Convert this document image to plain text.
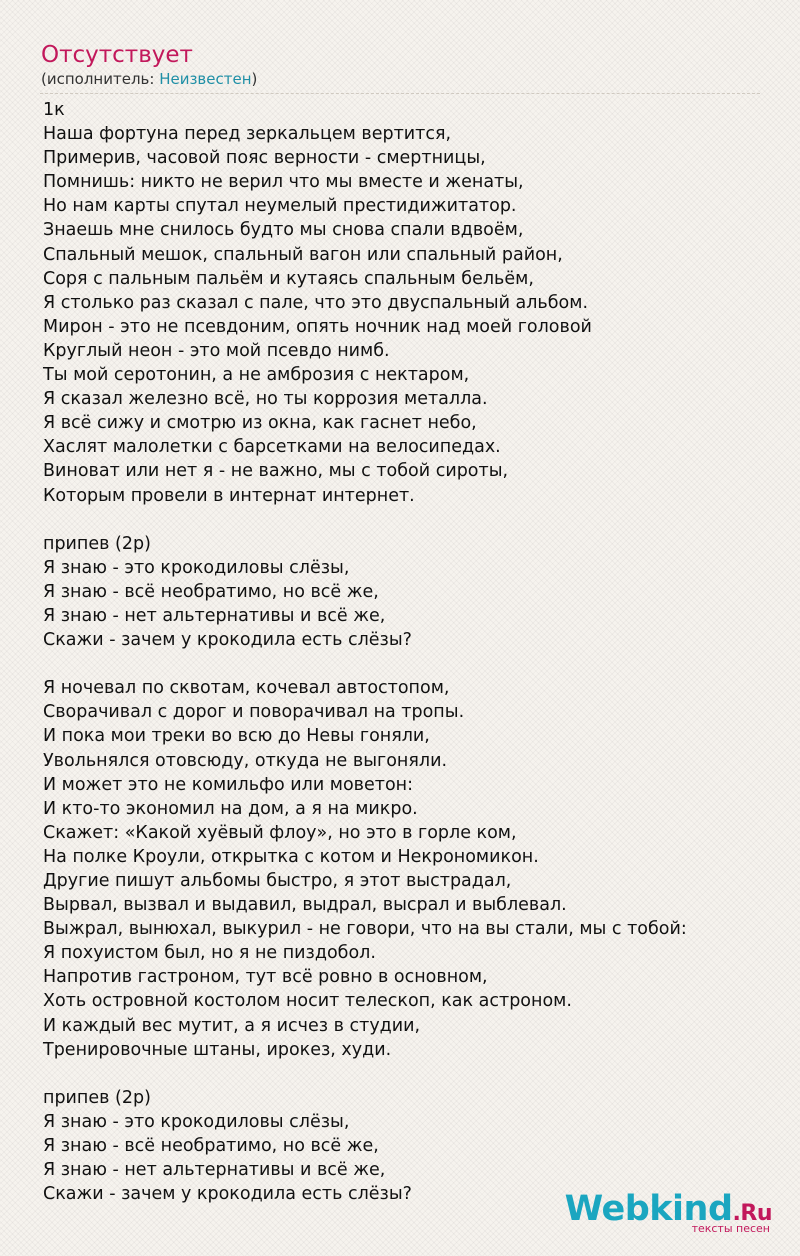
Отсутствует
(исполнитель: Неизвестен)
1к
Наша фортуна перед зеркальцем вертится,
Примерив, часовой пояс верности - смертницы,
Помнишь: никто не верил что мы вместе и женаты,
Но нам карты спутал неумелый престидижитатор.
Знаешь мне снилось будто мы снова спали вдвоём,
Спальный мешок, спальный вагон или спальный район,
Соря с пальным пальём и кутаясь спальным бельём,
Я столько раз сказал с пале, что это двуспальный альбом.
Мирон - это не псевдоним, опять ночник над моей головой
Круглый неон - это мой псевдо нимб.
Ты мой серотонин, а не амброзия с нектаром,
Я сказал железно всё, но ты коррозия металла.
Я всё сижу и смотрю из окна, как гаснет небо,
Хаслят малолетки с барсетками на велосипедах.
Виноват или нет я - не важно, мы с тобой сироты,
Которым провели в интернат интернет.
припев (2р)
Я знаю - это крокодиловы слёзы,
Я знаю - всё необратимо, но всё же,
Я знаю - нет альтернативы и всё же,
Скажи - зачем у крокодила есть слёзы?
Я ночевал по сквотам, кочевал автостопом,
Сворачивал с дорог и поворачивал на тропы.
И пока мои треки во всю до Невы гоняли,
Увольнялся отовсюду, откуда не выгоняли.
И может это не комильфо или моветон:
И кто-то экономил на дом, а я на микро.
Скажет: «Какой хуёвый флоу», но это в горле ком,
На полке Кроули, открытка с котом и Некрономикон.
Другие пишут альбомы быстро, я этот выстрадал,
Вырвал, вызвал и выдавил, выдрал, высрал и выблевал.
Выжрал, вынюхал, выкурил - не говори, что на вы стали, мы с тобой:
Я похуистом был, но я не пиздобол.
Напротив гастроном, тут всё ровно в основном,
Хоть островной костолом носит телескоп, как астроном.
И каждый вес мутит, а я исчез в студии,
Тренировочные штаны, ирокез, худи.
припев (2р)
Я знаю - это крокодиловы слёзы,
Я знаю - всё необратимо, но всё же,
Я знаю - нет альтернативы и всё же,
Скажи - зачем у крокодила есть слёзы?	Webkind.Ru
тексты песен
